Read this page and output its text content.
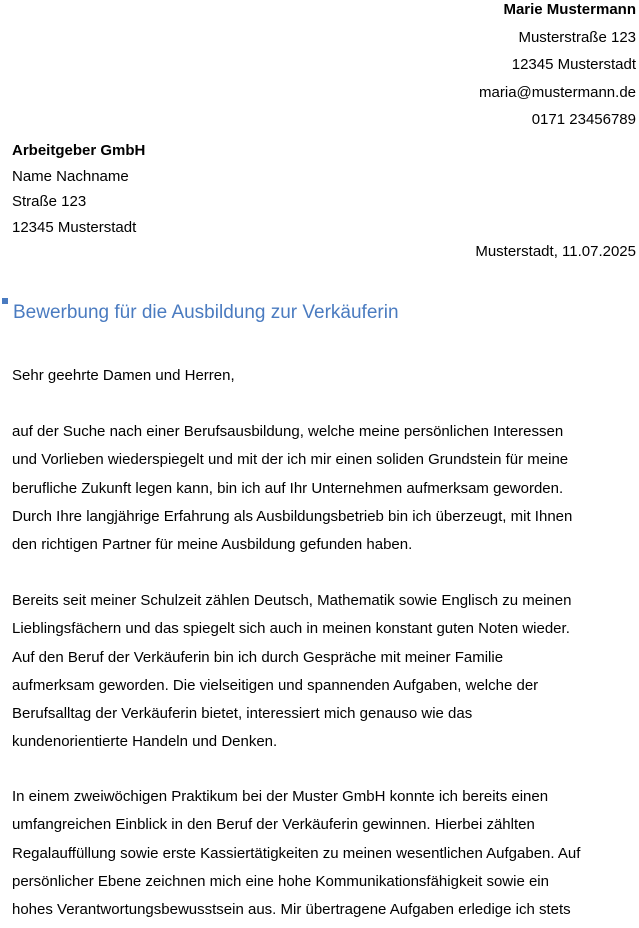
Marie Mustermann
Musterstraße 123
12345 Musterstadt
maria@mustermann.de
0171 23456789
Arbeitgeber GmbH
Name Nachname
Straße 123
12345 Musterstadt
Musterstadt, 11.07.2025
Bewerbung für die Ausbildung zur Verkäuferin
Sehr geehrte Damen und Herren,
auf der Suche nach einer Berufsausbildung, welche meine persönlichen Interessen
und Vorlieben wiederspiegelt und mit der ich mir einen soliden Grundstein für meine
berufliche Zukunft legen kann, bin ich auf Ihr Unternehmen aufmerksam geworden.
Durch Ihre langjährige Erfahrung als Ausbildungsbetrieb bin ich überzeugt, mit Ihnen
den richtigen Partner für meine Ausbildung gefunden haben.
Bereits seit meiner Schulzeit zählen Deutsch, Mathematik sowie Englisch zu meinen
Lieblingsfächern und das spiegelt sich auch in meinen konstant guten Noten wieder.
Auf den Beruf der Verkäuferin bin ich durch Gespräche mit meiner Familie
aufmerksam geworden. Die vielseitigen und spannenden Aufgaben, welche der
Berufsalltag der Verkäuferin bietet, interessiert mich genauso wie das
kundenorientierte Handeln und Denken.
In einem zweiwöchigen Praktikum bei der Muster GmbH konnte ich bereits einen
umfangreichen Einblick in den Beruf der Verkäuferin gewinnen. Hierbei zählten
Regalauffüllung sowie erste Kassiertätigkeiten zu meinen wesentlichen Aufgaben. Auf
persönlicher Ebene zeichnen mich eine hohe Kommunikationsfähigkeit sowie ein
hohes Verantwortungsbewusstsein aus. Mir übertragene Aufgaben erledige ich stets
